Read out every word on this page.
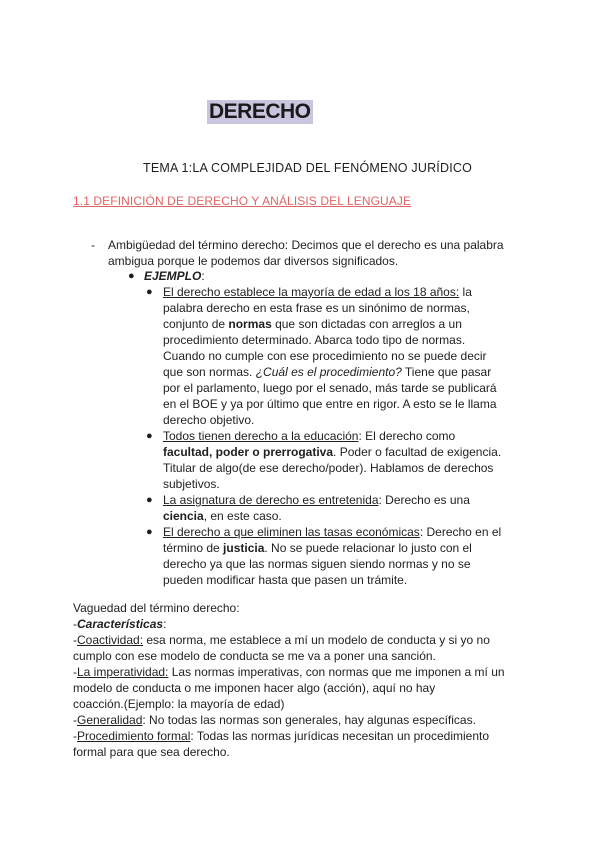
DERECHO
TEMA 1:LA COMPLEJIDAD DEL FENÓMENO JURÍDICO
1.1 DEFINICIÓN DE DERECHO Y ANÁLISIS DEL LENGUAJE
- Ambigüedad del término derecho: Decimos que el derecho es una palabra
ambigua porque le podemos dar diversos significados.
● EJEMPLO:
● El derecho establece la mayoría de edad a los 18 años: la
palabra derecho en esta frase es un sinónimo de normas,
conjunto de normas que son dictadas con arreglos a un
procedimiento determinado. Abarca todo tipo de normas.
Cuando no cumple con ese procedimiento no se puede decir
que son normas. ¿Cuál es el procedimiento? Tiene que pasar
por el parlamento, luego por el senado, más tarde se publicará
en el BOE y ya por último que entre en rigor. A esto se le llama
derecho objetivo.
● Todos tienen derecho a la educación: El derecho como
facultad, poder o prerrogativa. Poder o facultad de exigencia.
Titular de algo(de ese derecho/poder). Hablamos de derechos
subjetivos.
● La asignatura de derecho es entretenida: Derecho es una
ciencia, en este caso.
● El derecho a que eliminen las tasas económicas: Derecho en el
término de justicia. No se puede relacionar lo justo con el
derecho ya que las normas siguen siendo normas y no se
pueden modificar hasta que pasen un trámite.
Vaguedad del término derecho:
-Características:
-Coactividad: esa norma, me establece a mí un modelo de conducta y si yo no
cumplo con ese modelo de conducta se me va a poner una sanción.
-La imperatividad: Las normas imperativas, con normas que me imponen a mí un
modelo de conducta o me imponen hacer algo (acción), aquí no hay
coacción.(Ejemplo: la mayoría de edad)
-Generalidad: No todas las normas son generales, hay algunas específicas.
-Procedimiento formal: Todas las normas jurídicas necesitan un procedimiento
formal para que sea derecho.
